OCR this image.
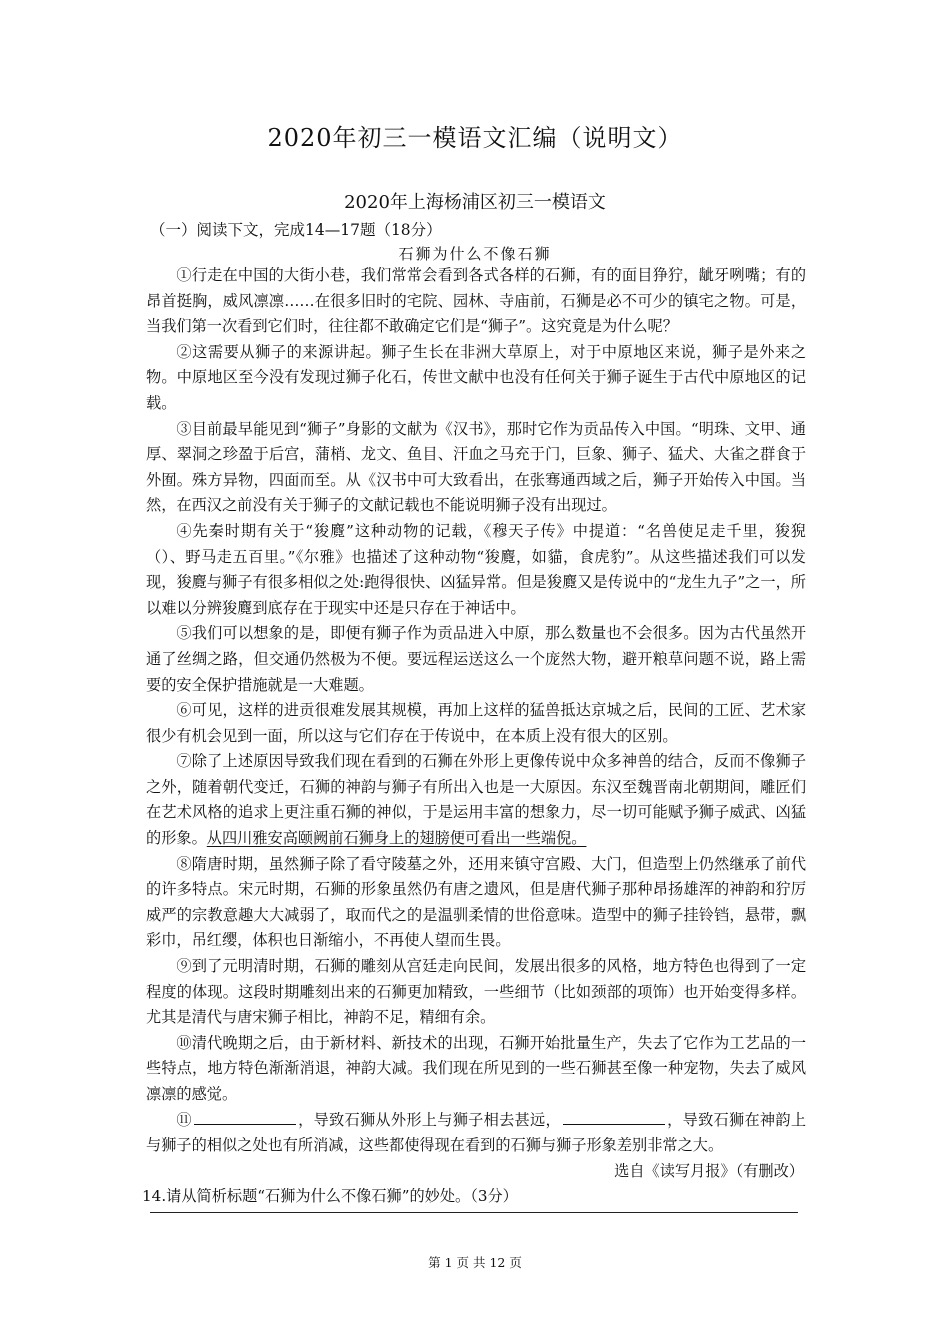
2020年初三一模语文汇编（说明文）
2020年上海杨浦区初三一模语文
（一）阅读下文，完成14—17题（18分）
石狮为什么不像石狮

①行走在中国的大街小巷，我们常常会看到各式各样的石狮，有的面目狰狞，龇牙咧嘴；有的昂首挺胸，威风凛凛……在很多旧时的宅院、园林、寺庙前，石狮是必不可少的镇宅之物。可是，当我们第一次看到它们时，往往都不敢确定它们是“狮子”。这究竟是为什么呢？

②这需要从狮子的来源讲起。狮子生长在非洲大草原上，对于中原地区来说，狮子是外来之物。中原地区至今没有发现过狮子化石，传世文献中也没有任何关于狮子诞生于古代中原地区的记载。

③目前最早能见到“狮子”身影的文献为《汉书》，那时它作为贡品传入中国。“明珠、文甲、通厚、翠洞之珍盈于后宫，蒲梢、龙文、鱼目、汗血之马充于门，巨象、狮子、猛犬、大雀之群食于外囿。殊方异物，四面而至。从《汉书中可大致看出，在张骞通西域之后，狮子开始传入中国。当然，在西汉之前没有关于狮子的文献记载也不能说明狮子没有出现过。

④先秦时期有关于“狻麑”这种动物的记载，《穆天子传》中提道：“名兽使足走千里，狻猊（）、野马走五百里。”《尔雅》也描述了这种动物“狻麑，如貓，食虎豹”。从这些描述我们可以发现，狻麑与狮子有很多相似之处:跑得很快、凶猛异常。但是狻麑又是传说中的“龙生九子”之一，所以难以分辨狻麑到底存在于现实中还是只存在于神话中。

⑤我们可以想象的是，即便有狮子作为贡品进入中原，那么数量也不会很多。因为古代虽然开通了丝绸之路，但交通仍然极为不便。要远程运送这么一个庞然大物，避开粮草问题不说，路上需要的安全保护措施就是一大难题。

⑥可见，这样的进贡很难发展其规模，再加上这样的猛兽抵达京城之后，民间的工匠、艺术家很少有机会见到一面，所以这与它们存在于传说中，在本质上没有很大的区别。

⑦除了上述原因导致我们现在看到的石狮在外形上更像传说中众多神兽的结合，反而不像狮子之外，随着朝代变迁，石狮的神韵与狮子有所出入也是一大原因。东汉至魏晋南北朝期间，雕匠们在艺术风格的追求上更注重石狮的神似，于是运用丰富的想象力，尽一切可能赋予狮子威武、凶猛的形象。从四川雅安高颐阙前石狮身上的翅膀便可看出一些端倪。

⑧隋唐时期，虽然狮子除了看守陵墓之外，还用来镇守宫殿、大门，但造型上仍然继承了前代的许多特点。宋元时期，石狮的形象虽然仍有唐之遗风，但是唐代狮子那种昂扬雄浑的神韵和狞厉威严的宗教意趣大大减弱了，取而代之的是温驯柔情的世俗意味。造型中的狮子挂铃铛，悬带，飘彩巾，吊红缨，体积也日渐缩小，不再使人望而生畏。

⑨到了元明清时期，石狮的雕刻从宫廷走向民间，发展出很多的风格，地方特色也得到了一定程度的体现。这段时期雕刻出来的石狮更加精致，一些细节（比如颈部的项饰）也开始变得多样。尤其是清代与唐宋狮子相比，神韵不足，精细有余。

⑩清代晚期之后，由于新材料、新技术的出现，石狮开始批量生产，失去了它作为工艺品的一些特点，地方特色渐渐消退，神韵大减。我们现在所见到的一些石狮甚至像一种宠物，失去了威风凛凛的感觉。

⑪	，导致石狮从外形上与狮子相去甚远，	，导致石狮在神韵上与狮子的相似之处也有所消减，这些都使得现在看到的石狮与狮子形象差别非常之大。

选自《读写月报》（有删改）

14.请从简析标题“石狮为什么不像石狮”的妙处。（3分）

第 1 页 共 12 页
